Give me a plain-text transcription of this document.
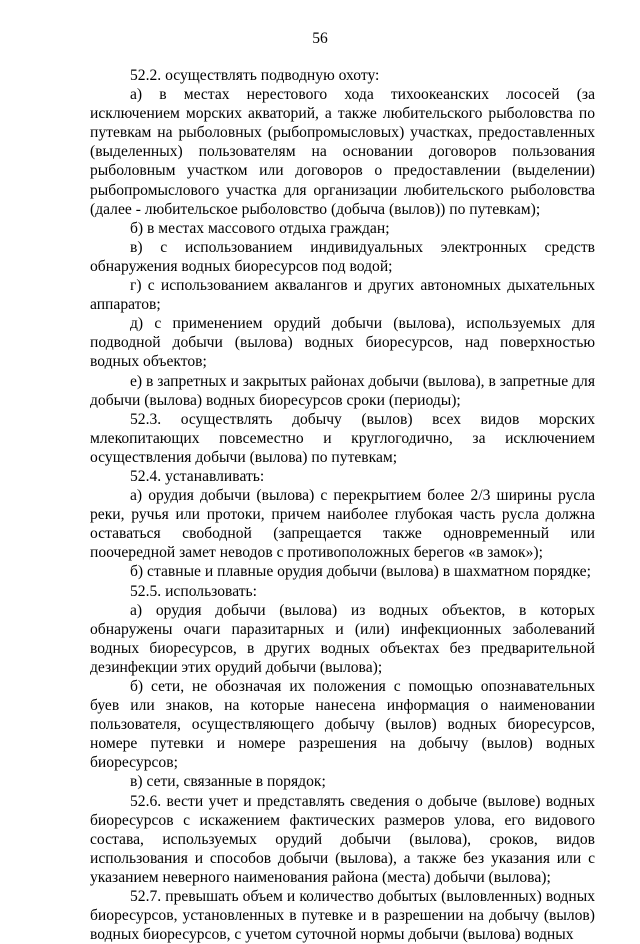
56

52.2. осуществлять подводную охоту:

а) в местах нерестового хода тихоокеанских лососей (за исключением морских акваторий, а также любительского рыболовства по путевкам на рыболовных (рыбопромысловых) участках, предоставленных (выделенных) пользователям на основании договоров пользования рыболовным участком или договоров о предоставлении (выделении) рыбопромыслового участка для организации любительского рыболовства (далее - любительское рыболовство (добыча (вылов)) по путевкам);

б) в местах массового отдыха граждан;

в) с использованием индивидуальных электронных средств обнаружения водных биоресурсов под водой;

г) с использованием аквалангов и других автономных дыхательных аппаратов;

д) с применением орудий добычи (вылова), используемых для подводной добычи (вылова) водных биоресурсов, над поверхностью водных объектов;

е) в запретных и закрытых районах добычи (вылова), в запретные для добычи (вылова) водных биоресурсов сроки (периоды);

52.3. осуществлять добычу (вылов) всех видов морских млекопитающих повсеместно и круглогодично, за исключением осуществления добычи (вылова) по путевкам;

52.4. устанавливать:

а) орудия добычи (вылова) с перекрытием более 2/3 ширины русла реки, ручья или протоки, причем наиболее глубокая часть русла должна оставаться свободной (запрещается также одновременный или поочередной замет неводов с противоположных берегов «в замок»);

б) ставные и плавные орудия добычи (вылова) в шахматном порядке;

52.5. использовать:

а) орудия добычи (вылова) из водных объектов, в которых обнаружены очаги паразитарных и (или) инфекционных заболеваний водных биоресурсов, в других водных объектах без предварительной дезинфекции этих орудий добычи (вылова);

б) сети, не обозначая их положения с помощью опознавательных буев или знаков, на которые нанесена информация о наименовании пользователя, осуществляющего добычу (вылов) водных биоресурсов, номере путевки и номере разрешения на добычу (вылов) водных биоресурсов;

в) сети, связанные в порядок;

52.6. вести учет и представлять сведения о добыче (вылове) водных биоресурсов с искажением фактических размеров улова, его видового состава, используемых орудий добычи (вылова), сроков, видов использования и способов добычи (вылова), а также без указания или с указанием неверного наименования района (места) добычи (вылова);

52.7. превышать объем и количество добытых (выловленных) водных биоресурсов, установленных в путевке и в разрешении на добычу (вылов) водных биоресурсов, с учетом суточной нормы добычи (вылова) водных
